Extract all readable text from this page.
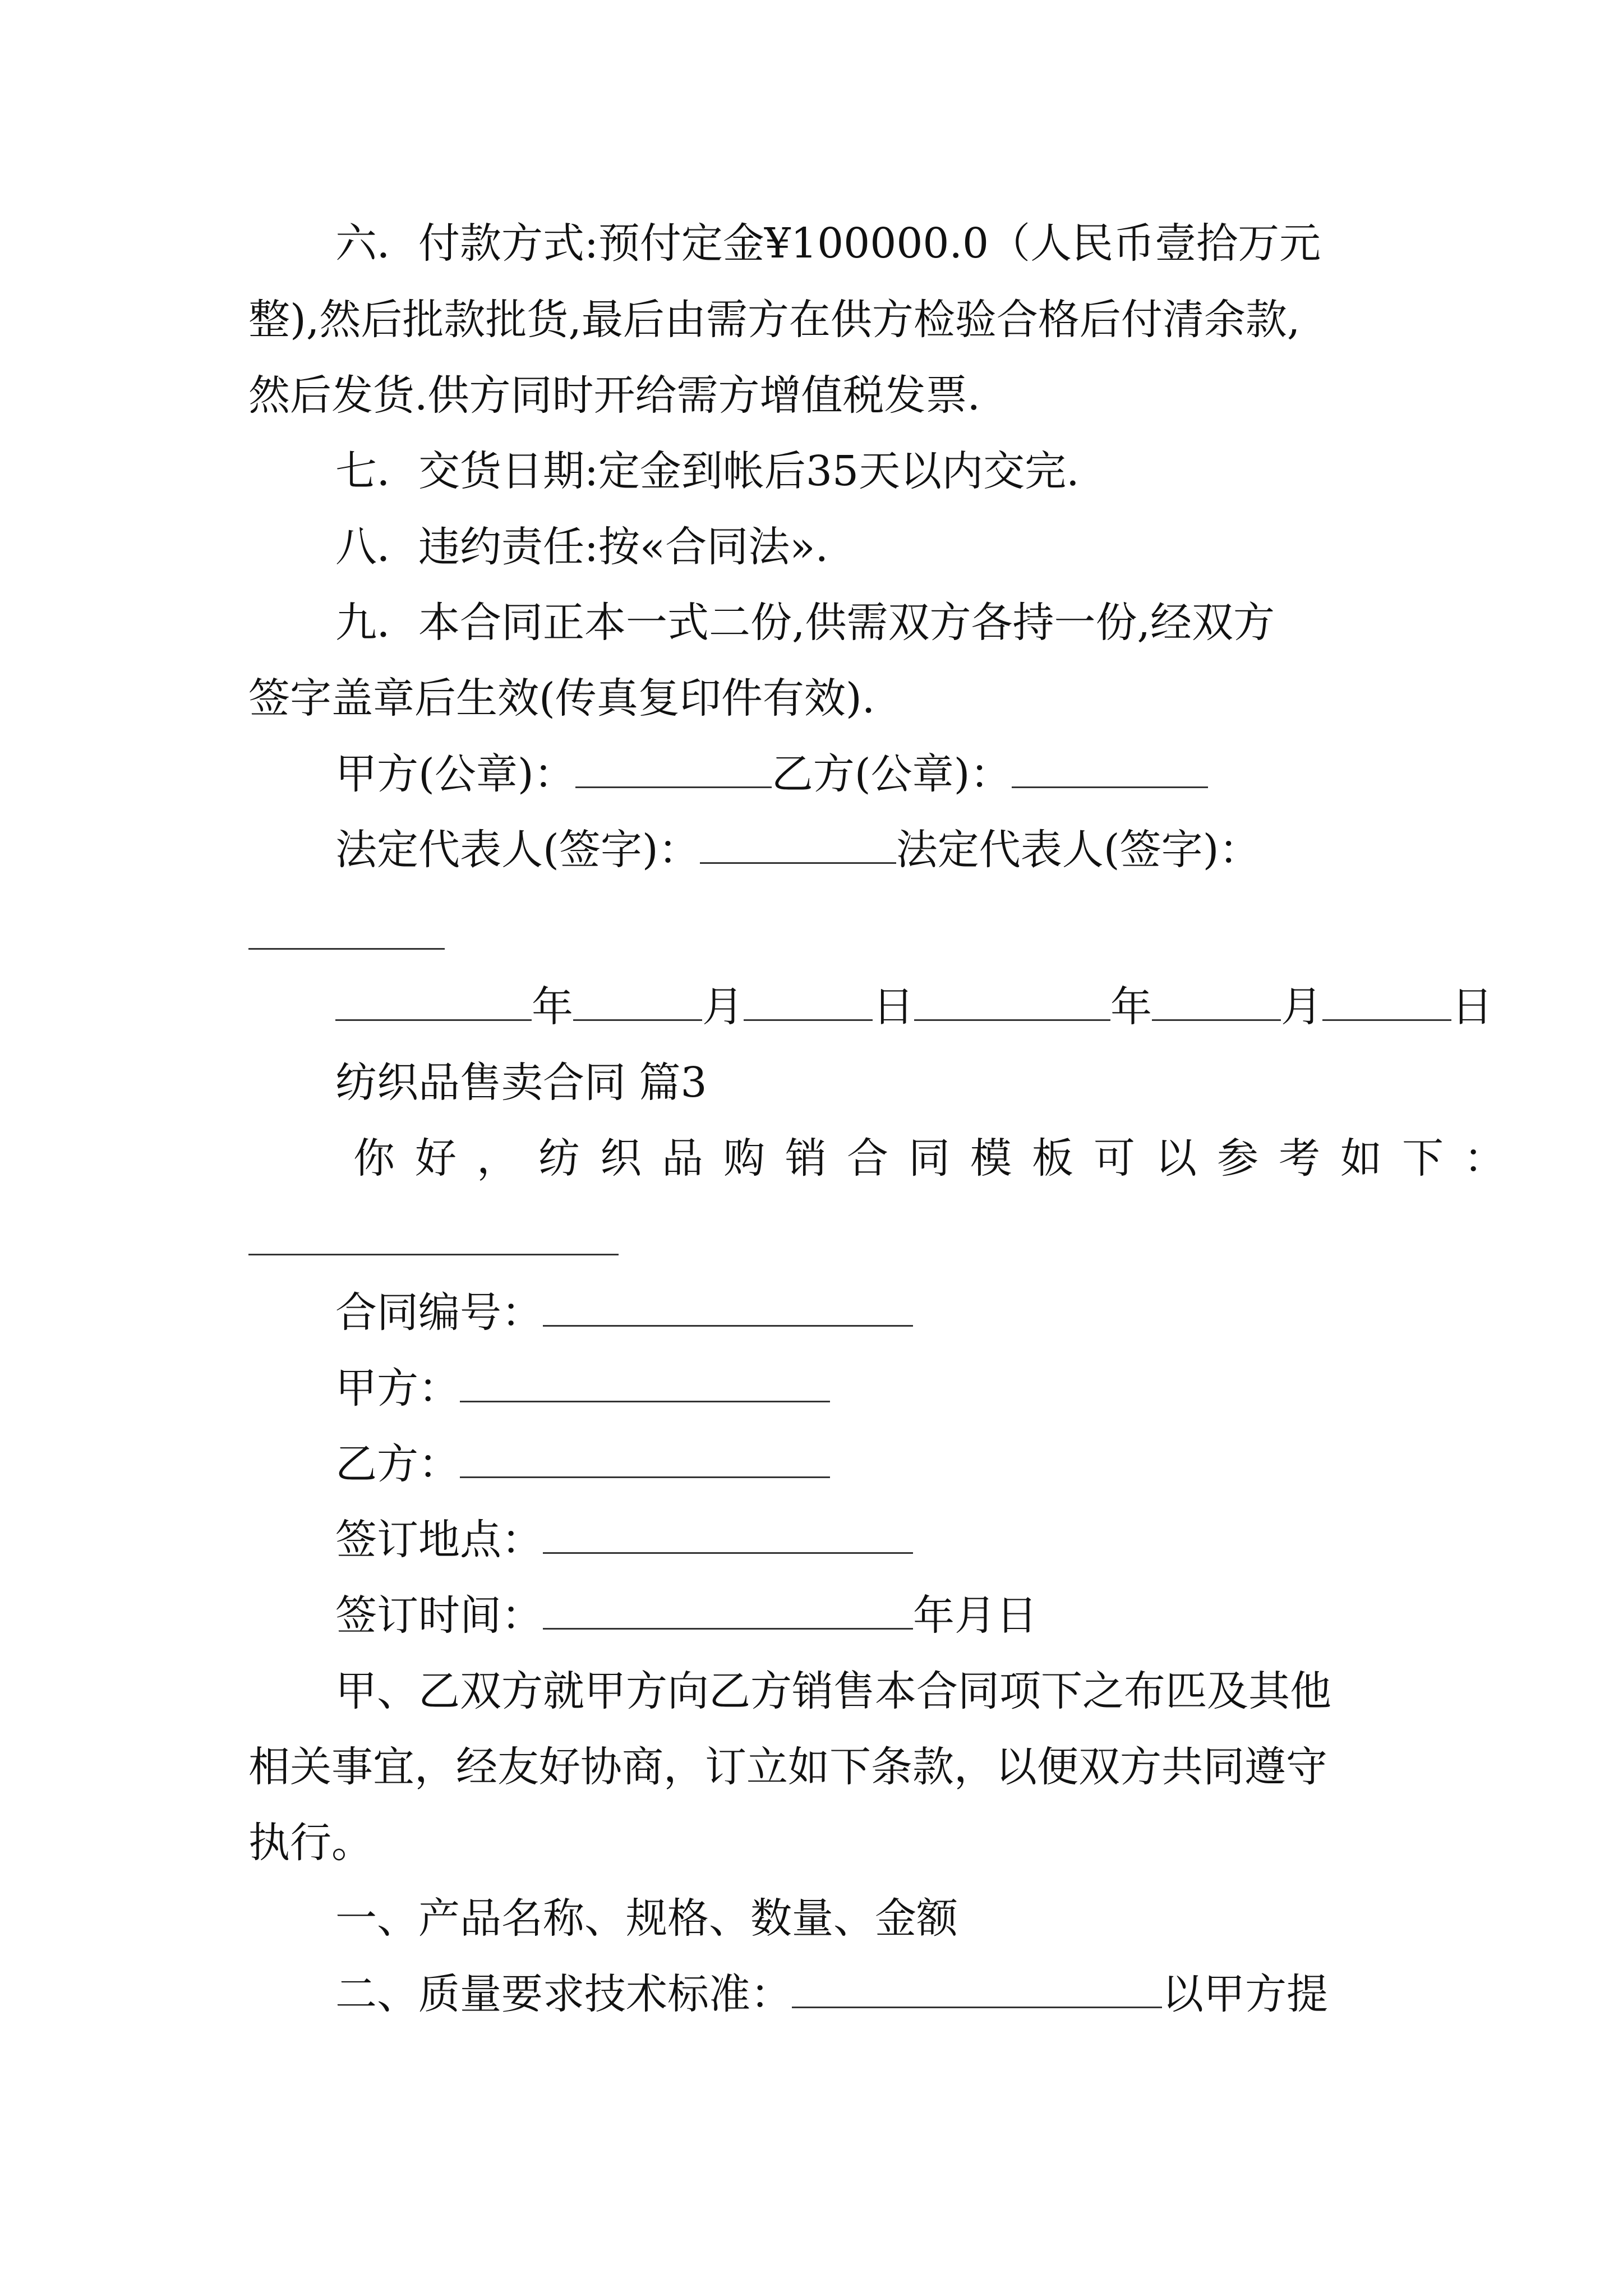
六．付款方式:预付定金¥100000.0（人民币壹拾万元
整),然后批款批货,最后由需方在供方检验合格后付清余款,
然后发货.供方同时开给需方增值税发票.
七．交货日期:定金到帐后35天以内交完.
八．违约责任:按«合同法».
九．本合同正本一式二份,供需双方各持一份,经双方
签字盖章后生效(传真复印件有效).
甲方(公章)：	乙方(公章)：
法定代表人(签字)：	法定代表人(签字)：
年	月	日	年	月	日
纺织品售卖合同 篇3
你好，纺织品购销合同模板可以参考如下：
合同编号：
甲方：
乙方：
签订地点：
签订时间：	年月日
甲、乙双方就甲方向乙方销售本合同项下之布匹及其他
相关事宜，经友好协商，订立如下条款，以便双方共同遵守
执行。
一、产品名称、规格、数量、金额
二、质量要求技术标准：	以甲方提
